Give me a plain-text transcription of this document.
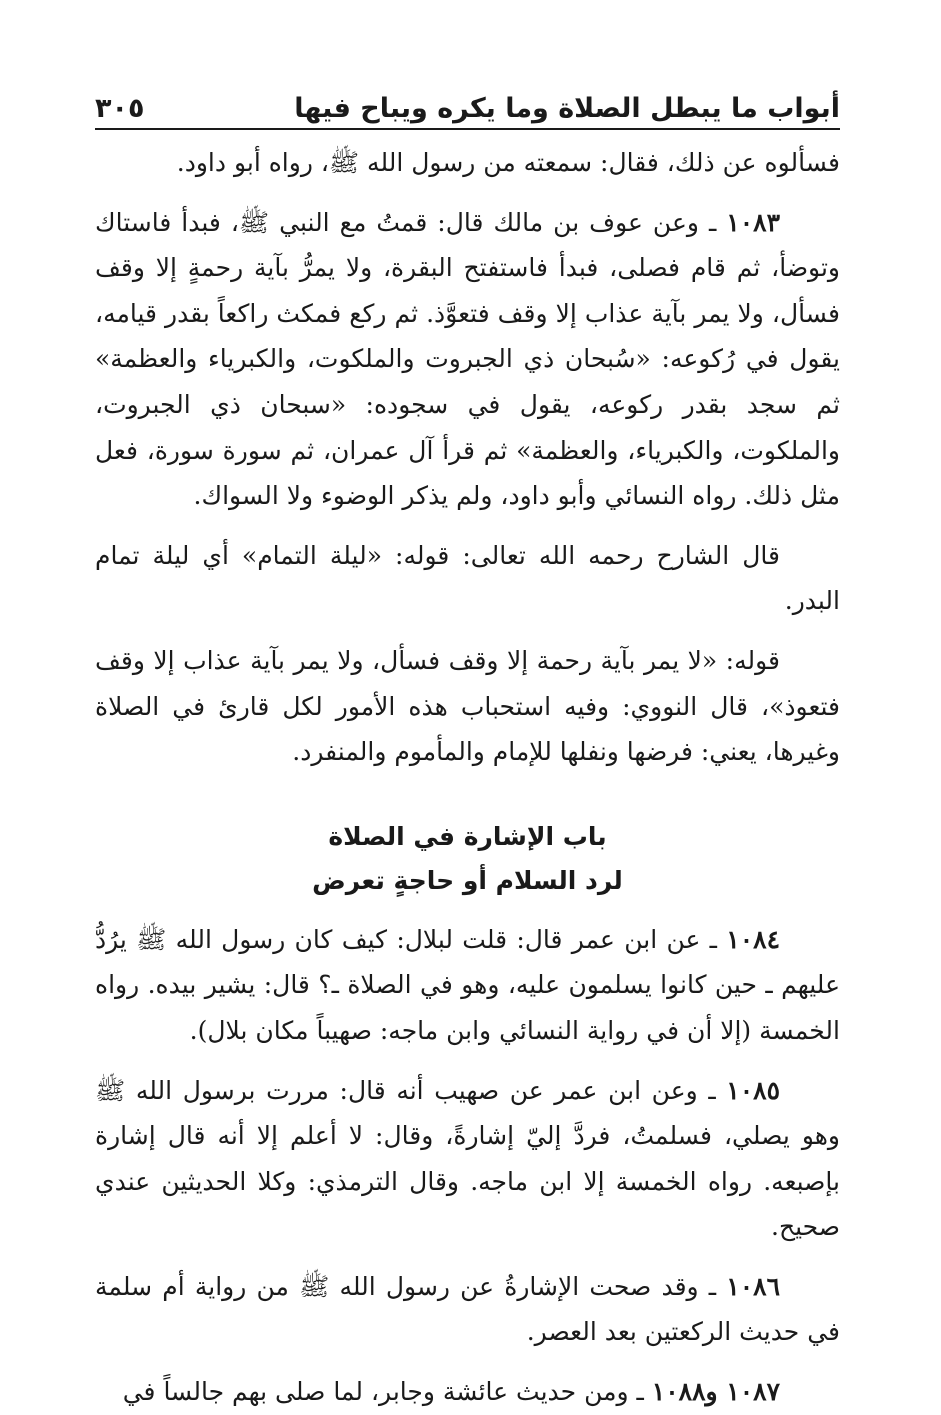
أبواب ما يبطل الصلاة وما يكره ويباح فيها
٣٠٥

فسألوه عن ذلك، فقال: سمعته من رسول الله ﷺ، رواه أبو داود.

١٠٨٣ ـ وعن عوف بن مالك قال: قمتُ مع النبي ﷺ، فبدأ فاستاك وتوضأ، ثم قام فصلى، فبدأ فاستفتح البقرة، ولا يمرُّ بآية رحمةٍ إلا وقف فسأل، ولا يمر بآية عذاب إلا وقف فتعوَّذ. ثم ركع فمكث راكعاً بقدر قيامه، يقول في رُكوعه: «سُبحان ذي الجبروت والملكوت، والكبرياء والعظمة» ثم سجد بقدر ركوعه، يقول في سجوده: «سبحان ذي الجبروت، والملكوت، والكبرياء، والعظمة» ثم قرأ آل عمران، ثم سورة سورة، فعل مثل ذلك. رواه النسائي وأبو داود، ولم يذكر الوضوء ولا السواك.

قال الشارح رحمه الله تعالى: قوله: «ليلة التمام» أي ليلة تمام البدر.

قوله: «لا يمر بآية رحمة إلا وقف فسأل، ولا يمر بآية عذاب إلا وقف فتعوذ»، قال النووي: وفيه استحباب هذه الأمور لكل قارئ في الصلاة وغيرها، يعني: فرضها ونفلها للإمام والمأموم والمنفرد.

باب الإشارة في الصلاة
لرد السلام أو حاجةٍ تعرض

١٠٨٤ ـ عن ابن عمر قال: قلت لبلال: كيف كان رسول الله ﷺ يرُدُّ عليهم ـ حين كانوا يسلمون عليه، وهو في الصلاة ـ؟ قال: يشير بيده. رواه الخمسة (إلا أن في رواية النسائي وابن ماجه: صهيباً مكان بلال).

١٠٨٥ ـ وعن ابن عمر عن صهيب أنه قال: مررت برسول الله ﷺ وهو يصلي، فسلمتُ، فردَّ إليّ إشارةً، وقال: لا أعلم إلا أنه قال إشارة بإصبعه. رواه الخمسة إلا ابن ماجه. وقال الترمذي: وكلا الحديثين عندي صحيح.

١٠٨٦ ـ وقد صحت الإشارةُ عن رسول الله ﷺ من رواية أم سلمة في حديث الركعتين بعد العصر.

١٠٨٧ و١٠٨٨ ـ ومن حديث عائشة وجابر، لما صلى بهم جالساً في
